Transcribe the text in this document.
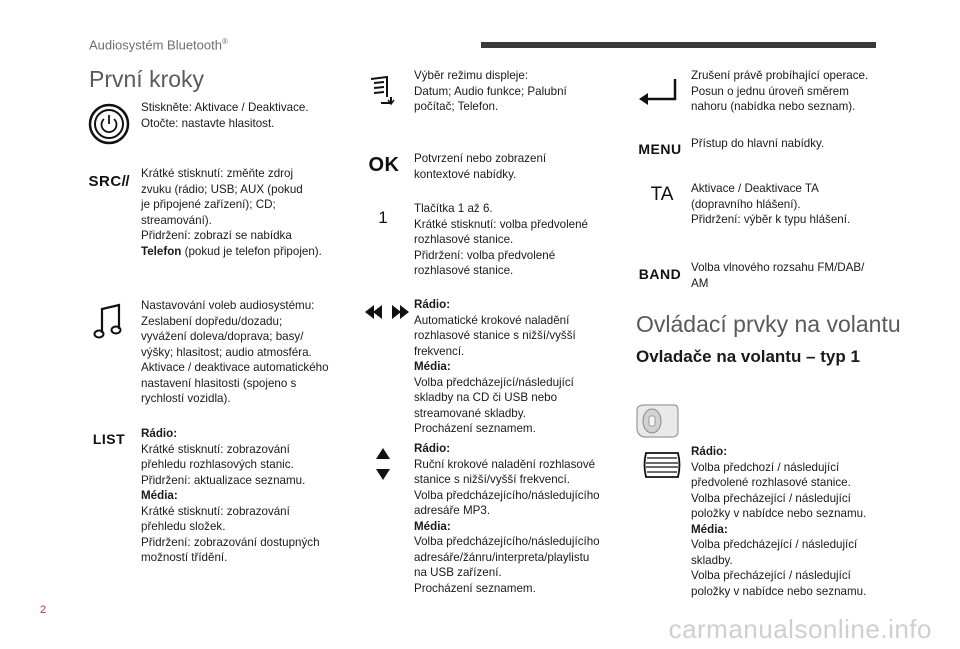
Audiosystém Bluetooth®
První kroky
Stiskněte: Aktivace / Deaktivace.
Otočte: nastavte hlasitost.
SRC/ / Krátké stisknutí: změňte zdroj
zvuku (rádio; USB; AUX (pokud
je připojené zařízení); CD;
streamování).
Přidržení: zobrazí se nabídka
Telefon (pokud je telefon připojen).
Nastavování voleb audiosystému:
Zeslabení dopředu/dozadu;
vyvážení doleva/doprava; basy/
výšky; hlasitost; audio atmosféra.
Aktivace / deaktivace automatického
nastavení hlasitosti (spojeno s
rychlostí vozidla).
LIST Rádio:
Krátké stisknutí: zobrazování
přehledu rozhlasových stanic.
Přidržení: aktualizace seznamu.
Média:
Krátké stisknutí: zobrazování
přehledu složek.
Přidržení: zobrazování dostupných
možností třídění.
Výběr režimu displeje:
Datum; Audio funkce; Palubní
počítač; Telefon.
OK Potvrzení nebo zobrazení
kontextové nabídky.
1 Tlačítka 1 až 6.
Krátké stisknutí: volba předvolené
rozhlasové stanice.
Přidržení: volba předvolené
rozhlasové stanice.
Rádio:
Automatické krokové naladění
rozhlasové stanice s nižší/vyšší
frekvencí.
Média:
Volba předcházející/následující
skladby na CD či USB nebo
streamované skladby.
Procházení seznamem.
Rádio:
Ruční krokové naladění rozhlasové
stanice s nižší/vyšší frekvencí.
Volba předcházejícího/následujícího
adresáře MP3.
Média:
Volba předcházejícího/následujícího
adresáře/žánru/interpreta/playlistu
na USB zařízení.
Procházení seznamem.
Zrušení právě probíhající operace.
Posun o jednu úroveň směrem
nahoru (nabídka nebo seznam).
MENU Přístup do hlavní nabídky.
TA Aktivace / Deaktivace TA
(dopravního hlášení).
Přidržení: výběr k typu hlášení.
BAND Volba vlnového rozsahu FM/DAB/
AM
Ovládací prvky na volantu
Ovladače na volantu – typ 1
Rádio:
Volba předchozí / následující
předvolené rozhlasové stanice.
Volba přecházející / následující
položky v nabídce nebo seznamu.
Média:
Volba předcházející / následující
skladby.
Volba přecházející / následující
položky v nabídce nebo seznamu.
2
carmanualsonline.info
